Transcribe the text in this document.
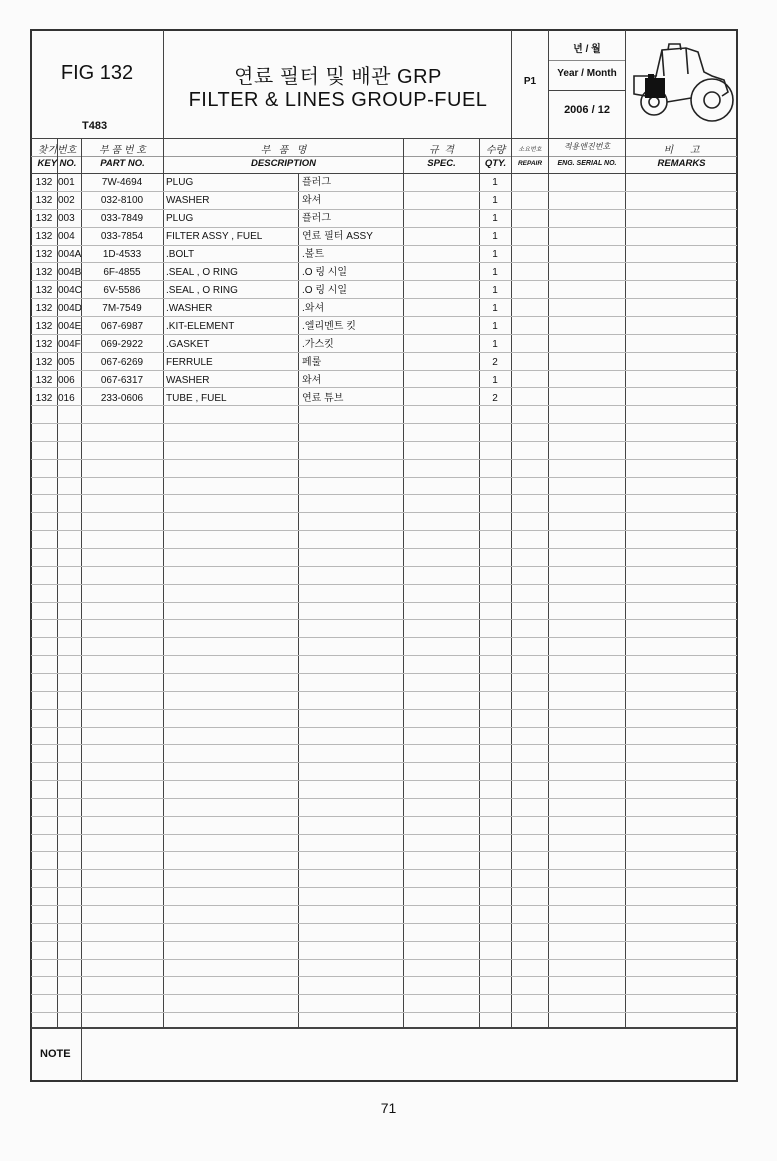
FIG 132
T483
연료 필터 및 배관 GRP
FILTER & LINES GROUP-FUEL
P1
년 / 월
Year / Month
2006 / 12
찾기번호
KEY NO.
부 품 번 호
PART NO.
부   품   명
DESCRIPTION
규  격
SPEC.
수량
QTY.
소요번호
REPAIR
적용엔진번호
ENG. SERIAL NO.
비      고
REMARKS
132 001	7W-4694	PLUG	플러그	1
132 002	032-8100	WASHER	와셔	1
132 003	033-7849	PLUG	플러그	1
132 004	033-7854	FILTER ASSY , FUEL	연료 필터 ASSY	1
132 004A	1D-4533	.BOLT	.볼트	1
132 004B	6F-4855	.SEAL , O RING	.O 링 시일	1
132 004C	6V-5586	.SEAL , O RING	.O 링 시일	1
132 004D	7M-7549	.WASHER	.와셔	1
132 004E	067-6987	.KIT-ELEMENT	.엘리멘트 킷	1
132 004F	069-2922	.GASKET	.가스킷	1
132 005	067-6269	FERRULE	페룰	2
132 006	067-6317	WASHER	와셔	1
132 016	233-0606	TUBE , FUEL	연료 튜브	2
NOTE
71
